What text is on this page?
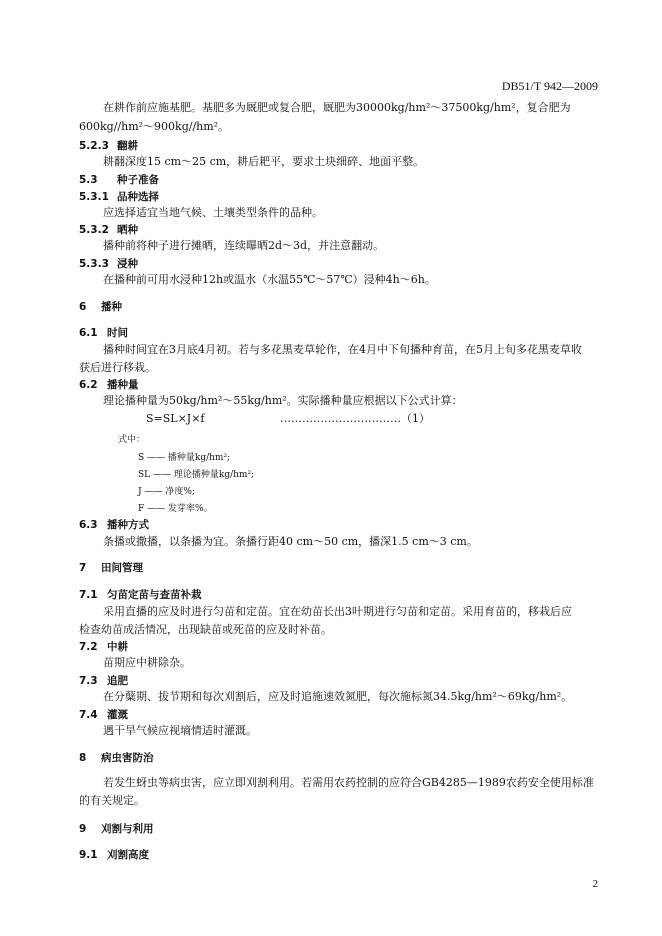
DB51/T 942—2009
在耕作前应施基肥。基肥多为厩肥或复合肥，厩肥为30000kg/hm²～37500kg/hm²，复合肥为
600kg//hm²～900kg//hm²。
5.2.3 翻耕
耕翻深度15 cm～25 cm，耕后耙平，要求土块细碎、地面平整。
5.3 种子准备
5.3.1 品种选择
应选择适宜当地气候、土壤类型条件的品种。
5.3.2 晒种
播种前将种子进行摊晒，连续曝晒2d～3d，并注意翻动。
5.3.3 浸种
在播种前可用水浸种12h或温水（水温55℃～57℃）浸种4h～6h。
6 播种
6.1 时间
播种时间宜在3月底4月初。若与多花黑麦草轮作，在4月中下旬播种育苗，在5月上旬多花黑麦草收
获后进行移栽。
6.2 播种量
理论播种量为50kg/hm²～55kg/hm²。实际播种量应根据以下公式计算：
S=SL×J×f	……………………………（1）
式中：
S —— 播种量kg/hm²;
SL —— 理论播种量kg/hm²;
J —— 净度%;
F —— 发芽率%。
6.3 播种方式
条播或撒播，以条播为宜。条播行距40 cm～50 cm，播深1.5 cm～3 cm。
7 田间管理
7.1 匀苗定苗与查苗补栽
采用直播的应及时进行匀苗和定苗。宜在幼苗长出3叶期进行匀苗和定苗。采用育苗的，移栽后应
检查幼苗成活情况，出现缺苗或死苗的应及时补苗。
7.2 中耕
苗期应中耕除杂。
7.3 追肥
在分蘖期、拔节期和每次刈割后，应及时追施速效氮肥，每次施标氮34.5kg/hm²～69kg/hm²。
7.4 灌溉
遇干旱气候应视墒情适时灌溉。
8 病虫害防治
若发生蚜虫等病虫害，应立即刈割利用。若需用农药控制的应符合GB4285—1989农药安全使用标准
的有关规定。
9 刈割与利用
9.1 刈割高度
2
